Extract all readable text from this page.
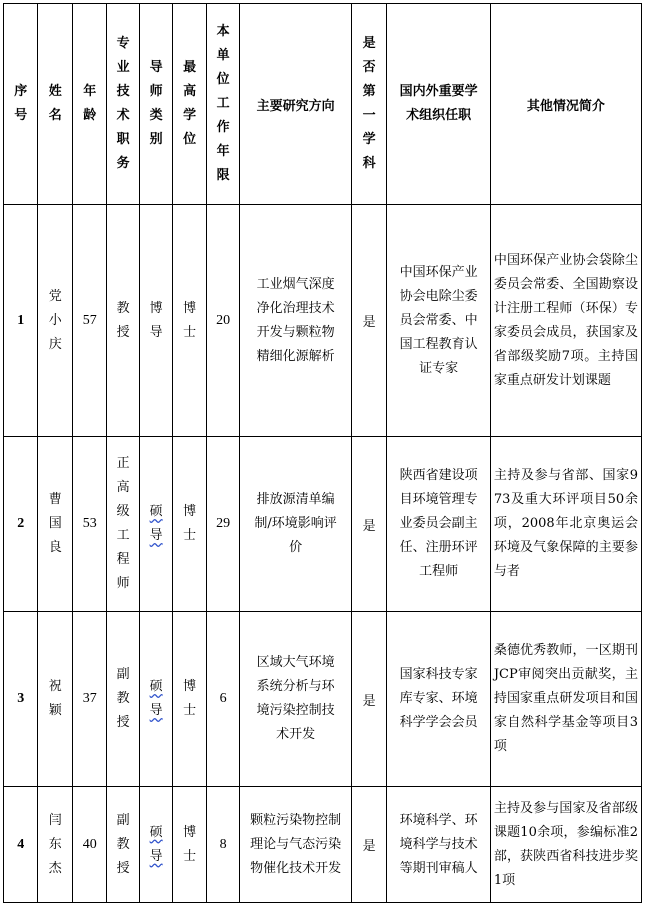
序号	姓名	年龄	专业技术职务	导师类别	最高学位	本单位工作年限	主要研究方向	是否第一学科	国内外重要学术组织任职	其他情况简介
1	党小庆	57	教授	博导	博士	20	工业烟气深度净化治理技术开发与颗粒物精细化源解析	是	中国环保产业协会电除尘委员会常委、中国工程教育认证专家	中国环保产业协会袋除尘委员会常委、全国勘察设计注册工程师（环保）专家委员会成员，获国家及省部级奖励7项。主持国家重点研发计划课题

2	曹国良	53	正高级工程师	硕导	博士	29	排放源清单编制/环境影响评价	是	陕西省建设项目环境管理专业委员会副主任、注册环评工程师	主持及参与省部、国家973及重大环评项目50余项，2008年北京奥运会环境及气象保障的主要参与者

3	祝颖	37	副教授	硕导	博士	6	区域大气环境系统分析与环境污染控制技术开发	是	国家科技专家库专家、环境科学学会会员	桑德优秀教师，一区期刊JCP审阅突出贡献奖，主持国家重点研发项目和国家自然科学基金等项目3项

4	闫东杰	40	副教授	硕导	博士	8	颗粒污染物控制理论与气态污染物催化技术开发	是	环境科学、环境科学与技术等期刊审稿人	主持及参与国家及省部级课题10余项，参编标准2部，获陕西省科技进步奖1项
